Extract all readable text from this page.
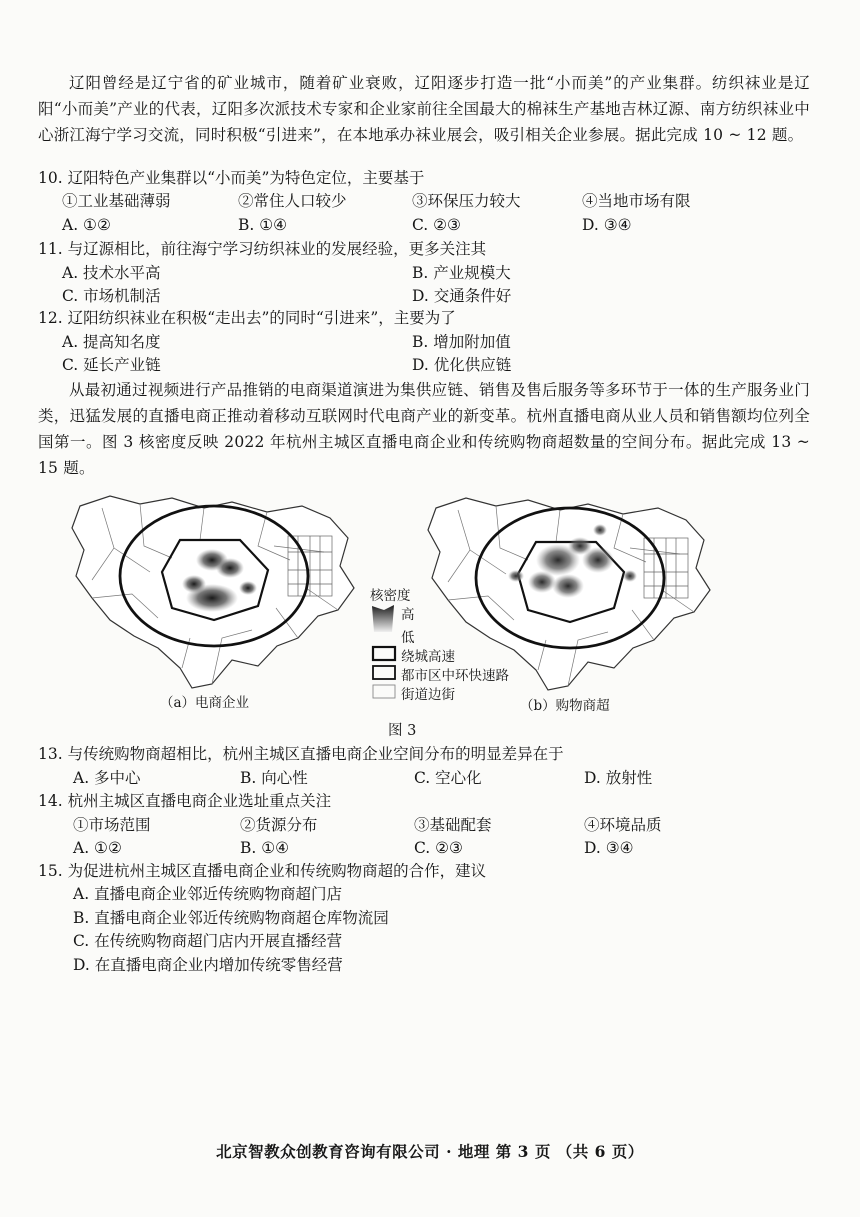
辽阳曾经是辽宁省的矿业城市，随着矿业衰败，辽阳逐步打造一批“小而美”的产业集群。纺织袜业是辽阳“小而美”产业的代表，辽阳多次派技术专家和企业家前往全国最大的棉袜生产基地吉林辽源、南方纺织袜业中心浙江海宁学习交流，同时积极“引进来”，在本地承办袜业展会，吸引相关企业参展。据此完成 10 ~ 12 题。

10. 辽阳特色产业集群以“小而美”为特色定位，主要基于
①工业基础薄弱	②常住人口较少	③环保压力较大	④当地市场有限
A. ①②	B. ①④	C. ②③	D. ③④
11. 与辽源相比，前往海宁学习纺织袜业的发展经验，更多关注其
A. 技术水平高	B. 产业规模大
C. 市场机制活	D. 交通条件好
12. 辽阳纺织袜业在积极“走出去”的同时“引进来”，主要为了
A. 提高知名度	B. 增加附加值
C. 延长产业链	D. 优化供应链

从最初通过视频进行产品推销的电商渠道演进为集供应链、销售及售后服务等多环节于一体的生产服务业门类，迅猛发展的直播电商正推动着移动互联网时代电商产业的新变革。杭州直播电商从业人员和销售额均位列全国第一。图 3 核密度反映 2022 年杭州主城区直播电商企业和传统购物商超数量的空间分布。据此完成 13 ~ 15 题。

核密度
高
低
绕城高速
都市区中环快速路
街道边街
（a）电商企业	（b）购物商超
图 3
13. 与传统购物商超相比，杭州主城区直播电商企业空间分布的明显差异在于
A. 多中心	B. 向心性	C. 空心化	D. 放射性
14. 杭州主城区直播电商企业选址重点关注
①市场范围	②货源分布	③基础配套	④环境品质
A. ①②	B. ①④	C. ②③	D. ③④
15. 为促进杭州主城区直播电商企业和传统购物商超的合作，建议
A. 直播电商企业邻近传统购物商超门店
B. 直播电商企业邻近传统购物商超仓库物流园
C. 在传统购物商超门店内开展直播经营
D. 在直播电商企业内增加传统零售经营
北京智教众创教育咨询有限公司 · 地理 第 3 页 （共 6 页）
